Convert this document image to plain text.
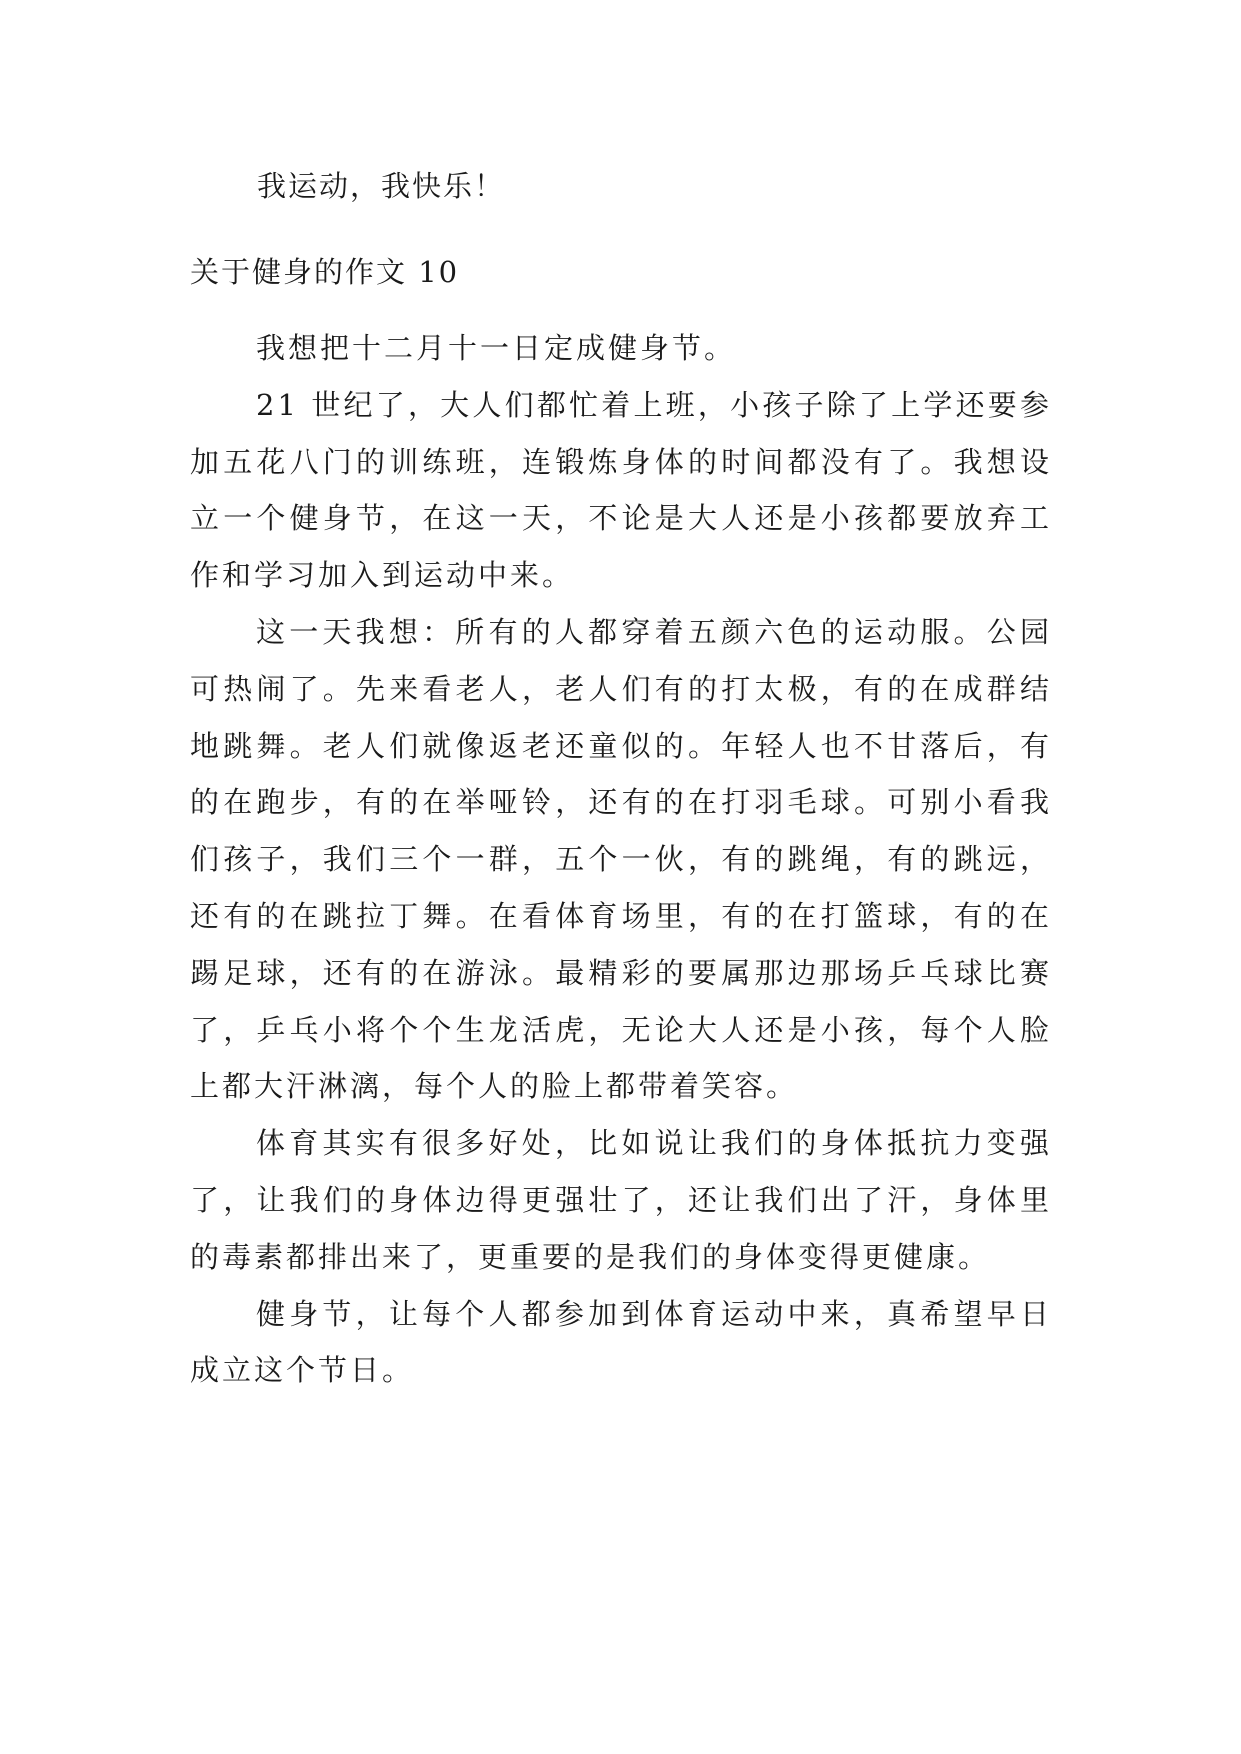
我运动，我快乐！

关于健身的作文 10

我想把十二月十一日定成健身节。

21 世纪了，大人们都忙着上班，小孩子除了上学还要参加五花八门的训练班，连锻炼身体的时间都没有了。我想设立一个健身节，在这一天，不论是大人还是小孩都要放弃工作和学习加入到运动中来。

这一天我想：所有的人都穿着五颜六色的运动服。公园可热闹了。先来看老人，老人们有的打太极，有的在成群结地跳舞。老人们就像返老还童似的。年轻人也不甘落后，有的在跑步，有的在举哑铃，还有的在打羽毛球。可别小看我们孩子，我们三个一群，五个一伙，有的跳绳，有的跳远，还有的在跳拉丁舞。在看体育场里，有的在打篮球，有的在踢足球，还有的在游泳。最精彩的要属那边那场乒乓球比赛了，乒乓小将个个生龙活虎，无论大人还是小孩，每个人脸上都大汗淋漓，每个人的脸上都带着笑容。

体育其实有很多好处，比如说让我们的身体抵抗力变强了，让我们的身体边得更强壮了，还让我们出了汗，身体里的毒素都排出来了，更重要的是我们的身体变得更健康。

健身节，让每个人都参加到体育运动中来，真希望早日成立这个节日。
